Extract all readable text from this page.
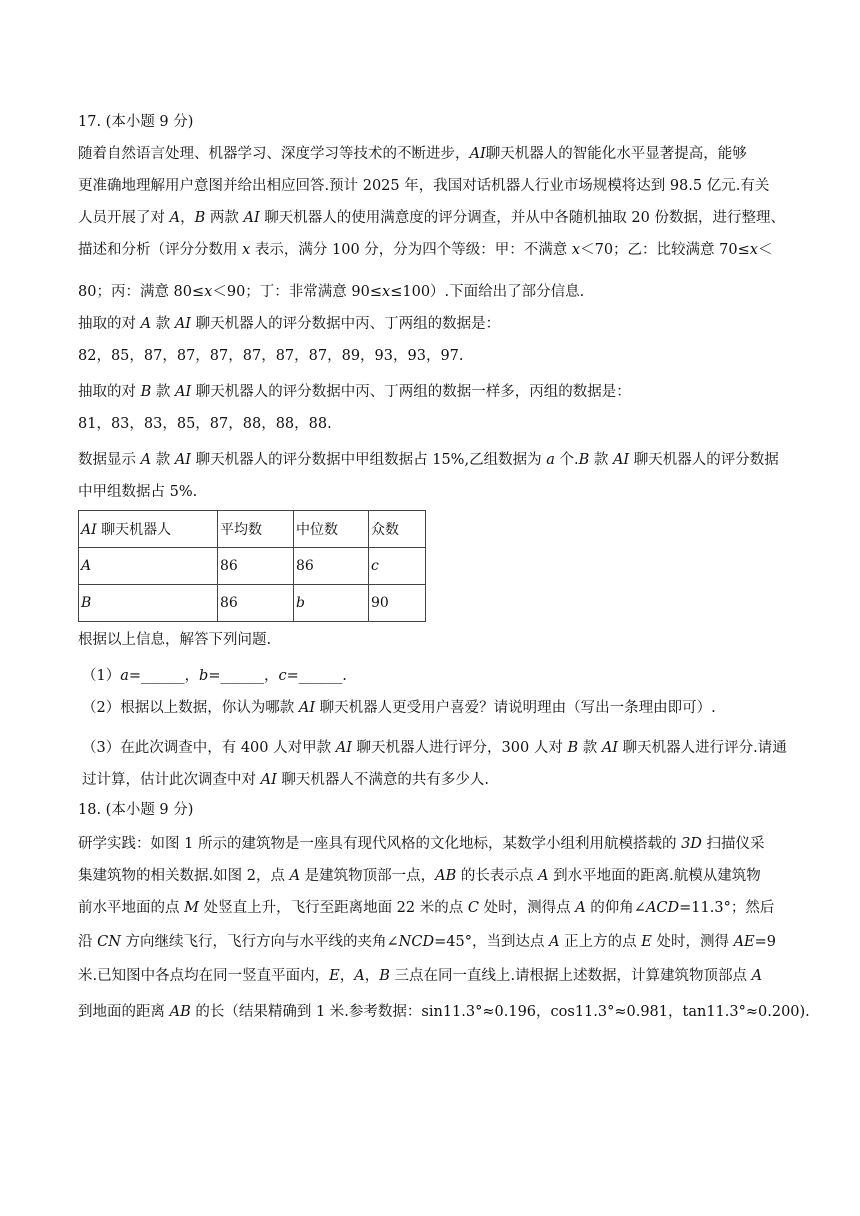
17. (本小题 9 分)
随着自然语言处理、机器学习、深度学习等技术的不断进步，AI聊天机器人的智能化水平显著提高，能够
更准确地理解用户意图并给出相应回答.预计 2025 年，我国对话机器人行业市场规模将达到 98.5 亿元.有关
人员开展了对 A，B 两款 AI 聊天机器人的使用满意度的评分调查，并从中各随机抽取 20 份数据，进行整理、
描述和分析（评分分数用 x 表示，满分 100 分，分为四个等级：甲：不满意 x＜70；乙：比较满意 70≤x＜
80；丙：满意 80≤x＜90；丁：非常满意 90≤x≤100）.下面给出了部分信息.
抽取的对 A 款 AI 聊天机器人的评分数据中丙、丁两组的数据是：
82，85，87，87，87，87，87，87，89，93，93，97.
抽取的对 B 款 AI 聊天机器人的评分数据中丙、丁两组的数据一样多，丙组的数据是：
81，83，83，85，87，88，88，88.
数据显示 A 款 AI 聊天机器人的评分数据中甲组数据占 15%,乙组数据为 a 个.B 款 AI 聊天机器人的评分数据
中甲组数据占 5%.
根据以上信息，解答下列问题.
（1）a=______，b=______，c=______.
（2）根据以上数据，你认为哪款 AI 聊天机器人更受用户喜爱？请说明理由（写出一条理由即可）.
（3）在此次调查中，有 400 人对甲款 AI 聊天机器人进行评分，300 人对 B 款 AI 聊天机器人进行评分.请通
过计算，估计此次调查中对 AI 聊天机器人不满意的共有多少人.
18. (本小题 9 分)
研学实践：如图 1 所示的建筑物是一座具有现代风格的文化地标，某数学小组利用航模搭载的 3D 扫描仪采
集建筑物的相关数据.如图 2，点 A 是建筑物顶部一点，AB 的长表示点 A 到水平地面的距离.航模从建筑物
前水平地面的点 M 处竖直上升，飞行至距离地面 22 米的点 C 处时，测得点 A 的仰角∠ACD=11.3°；然后
沿 CN 方向继续飞行，飞行方向与水平线的夹角∠NCD=45°，当到达点 A 正上方的点 E 处时，测得 AE=9
米.已知图中各点均在同一竖直平面内，E，A，B 三点在同一直线上.请根据上述数据，计算建筑物顶部点 A
到地面的距离 AB 的长（结果精确到 1 米.参考数据：sin11.3°≈0.196，cos11.3°≈0.981，tan11.3°≈0.200).
AI 聊天机器人	平均数	中位数	众数
A	86	86	c
B	86	b	90
